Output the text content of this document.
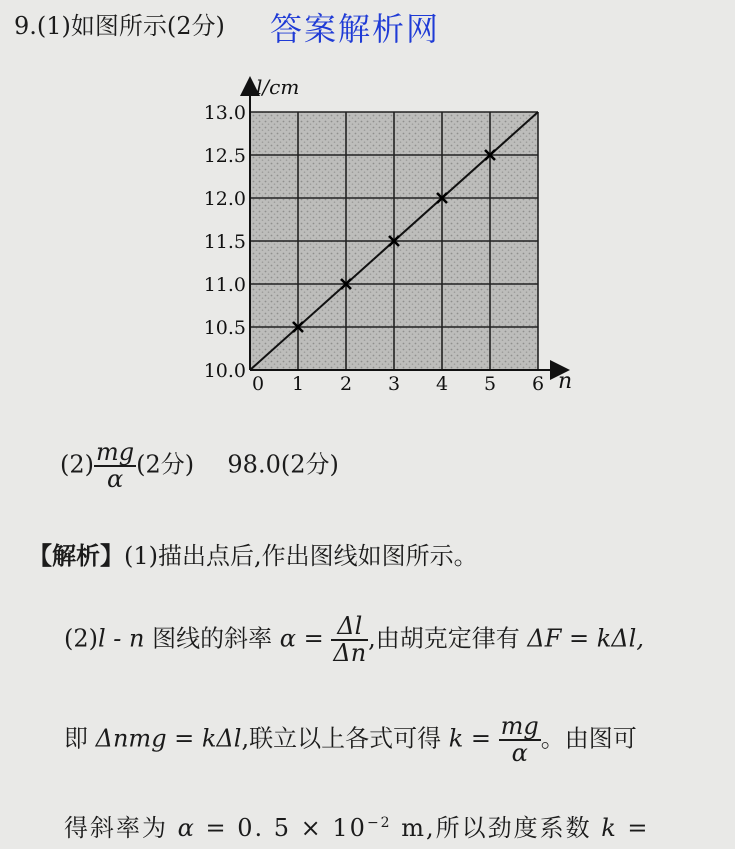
9.(1)如图所示(2分) 答案解析网
l/cm
n
0 1 2 3 4 5 6
10.0
10.5
11.0
11.5
12.0
12.5
13.0
$(2) \frac{mg}{\alpha} (2$分) 98.0(2分)
【解析】(1)描出点后,作出图线如图所示。
(2)l - n 图线的斜率 $\alpha = \frac{\Delta l}{\Delta n}$ ,由胡克定律有 ΔF = kΔl,
即 Δnmg = kΔl,联立以上各式可得 $k = \frac{mg}{\alpha}$ 。由图可
得斜率为 α = 0. $5 \times 10^{-2}$ m,所以劲度系数 k =
